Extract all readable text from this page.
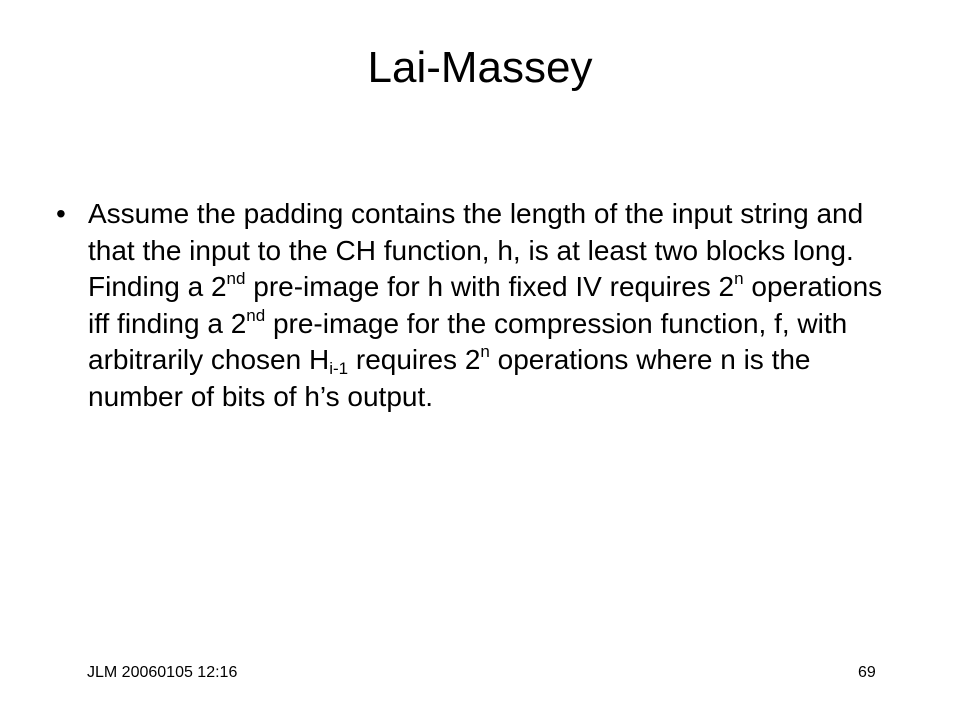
Lai-Massey
• Assume the padding contains the length of the input string and that the input to the CH function, h, is at least two blocks long. Finding a 2nd pre-image for h with fixed IV requires 2$^n$ operations iff finding a 2nd pre-image for the compression function, f, with arbitrarily chosen $H_{i-1}$ requires 2$^n$ operations where n is the number of bits of h’s output.
JLM 20060105 12:16	69
